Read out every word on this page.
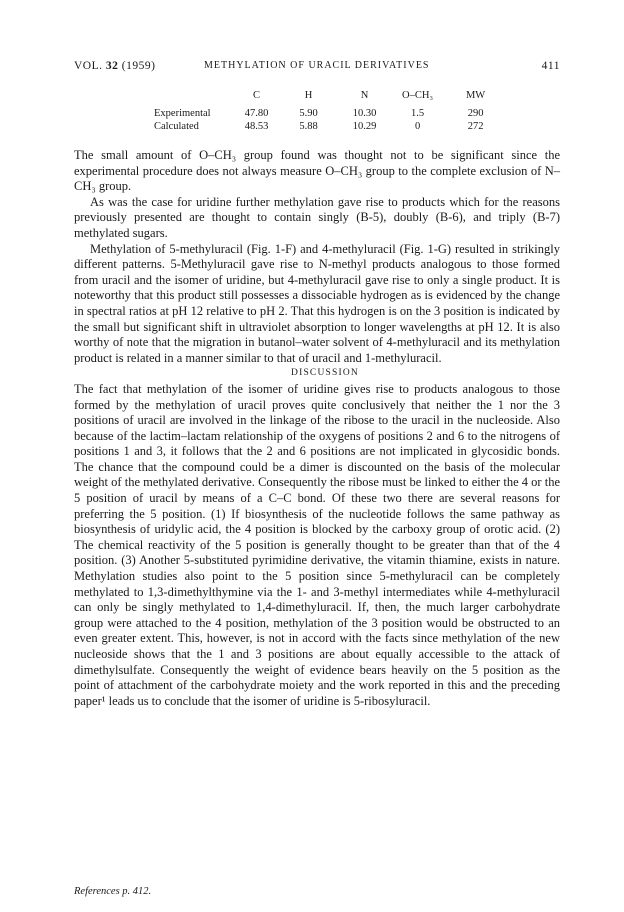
VOL. 32 (1959)	METHYLATION OF URACIL DERIVATIVES	411
	C	H	N	O–CH₃	MW
Experimental	47.80	5.90	10.30	1.5	290
Calculated	48.53	5.88	10.29	0	272

The small amount of O–CH₃ group found was thought not to be significant since the experimental procedure does not always measure O–CH₃ group to the complete exclusion of N–CH₃ group.

As was the case for uridine further methylation gave rise to products which for the reasons previously presented are thought to contain singly (B-5), doubly (B-6), and triply (B-7) methylated sugars.

Methylation of 5-methyluracil (Fig. 1-F) and 4-methyluracil (Fig. 1-G) resulted in strikingly different patterns. 5-Methyluracil gave rise to N-methyl products analogous to those formed from uracil and the isomer of uridine, but 4-methyluracil gave rise to only a single product. It is noteworthy that this product still possesses a dissociable hydrogen as is evidenced by the change in spectral ratios at pH 12 relative to pH 2. That this hydrogen is on the 3 position is indicated by the small but significant shift in ultraviolet absorption to longer wavelengths at pH 12. It is also worthy of note that the migration in butanol–water solvent of 4-methyluracil and its methylation product is related in a manner similar to that of uracil and 1-methyluracil.

DISCUSSION

The fact that methylation of the isomer of uridine gives rise to products analogous to those formed by the methylation of uracil proves quite conclusively that neither the 1 nor the 3 positions of uracil are involved in the linkage of the ribose to the uracil in the nucleoside. Also because of the lactim–lactam relationship of the oxygens of positions 2 and 6 to the nitrogens of positions 1 and 3, it follows that the 2 and 6 positions are not implicated in glycosidic bonds. The chance that the compound could be a dimer is discounted on the basis of the molecular weight of the methylated derivative. Consequently the ribose must be linked to either the 4 or the 5 position of uracil by means of a C–C bond. Of these two there are several reasons for preferring the 5 position. (1) If biosynthesis of the nucleotide follows the same pathway as biosynthesis of uridylic acid, the 4 position is blocked by the carboxy group of orotic acid. (2) The chemical reactivity of the 5 position is generally thought to be greater than that of the 4 position. (3) Another 5-substituted pyrimidine derivative, the vitamin thiamine, exists in nature. Methylation studies also point to the 5 position since 5-methyluracil can be completely methylated to 1,3-dimethylthymine via the 1- and 3-methyl intermediates while 4-methyluracil can only be singly methylated to 1,4-dimethyluracil. If, then, the much larger carbohydrate group were attached to the 4 position, methylation of the 3 position would be obstructed to an even greater extent. This, however, is not in accord with the facts since methylation of the new nucleoside shows that the 1 and 3 positions are about equally accessible to the attack of dimethylsulfate. Consequently the weight of evidence bears heavily on the 5 position as the point of attachment of the carbohydrate moiety and the work reported in this and the preceding paper¹ leads us to conclude that the isomer of uridine is 5-ribosyluracil.

References p. 412.
